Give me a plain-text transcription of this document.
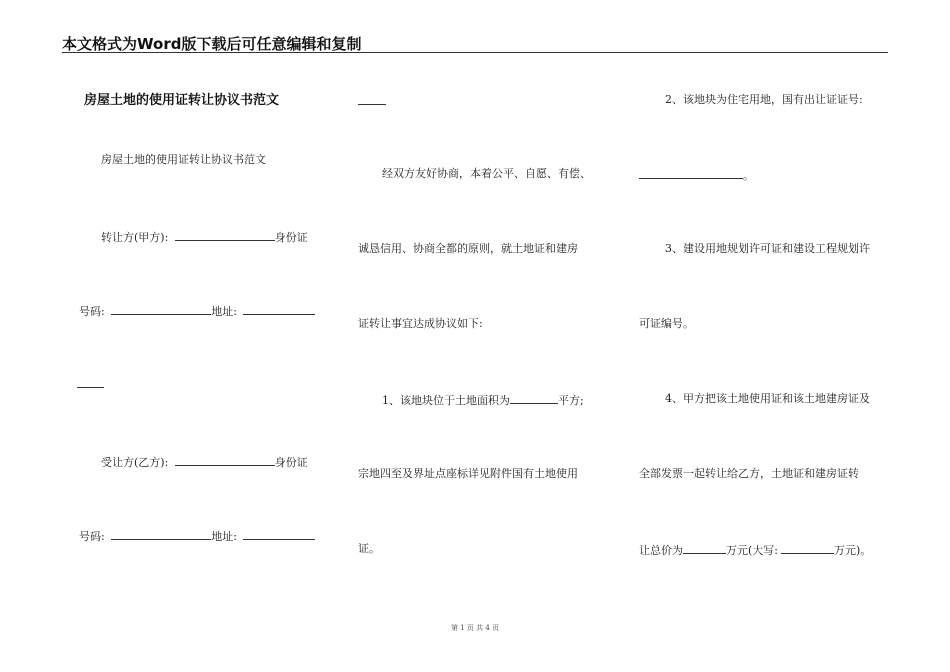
本文格式为Word版下载后可任意编辑和复制
房屋土地的使用证转让协议书范文
房屋土地的使用证转让协议书范文
转让方(甲方):	身份证
号码:	地址:
受让方(乙方):	身份证
号码:	地址:
经双方友好协商，本着公平、自愿、有偿、
诚恳信用、协商全都的原则，就土地证和建房
证转让事宜达成协议如下:
1、该地块位于土地面积为	平方;
宗地四至及界址点座标详见附件国有土地使用
证。
2、该地块为住宅用地，国有出让证证号:
。
3、建设用地规划许可证和建设工程规划许
可证编号。
4、甲方把该土地使用证和该土地建房证及
全部发票一起转让给乙方，土地证和建房证转
让总价为	万元(大写:	万元)。
第 1 页 共 4 页
